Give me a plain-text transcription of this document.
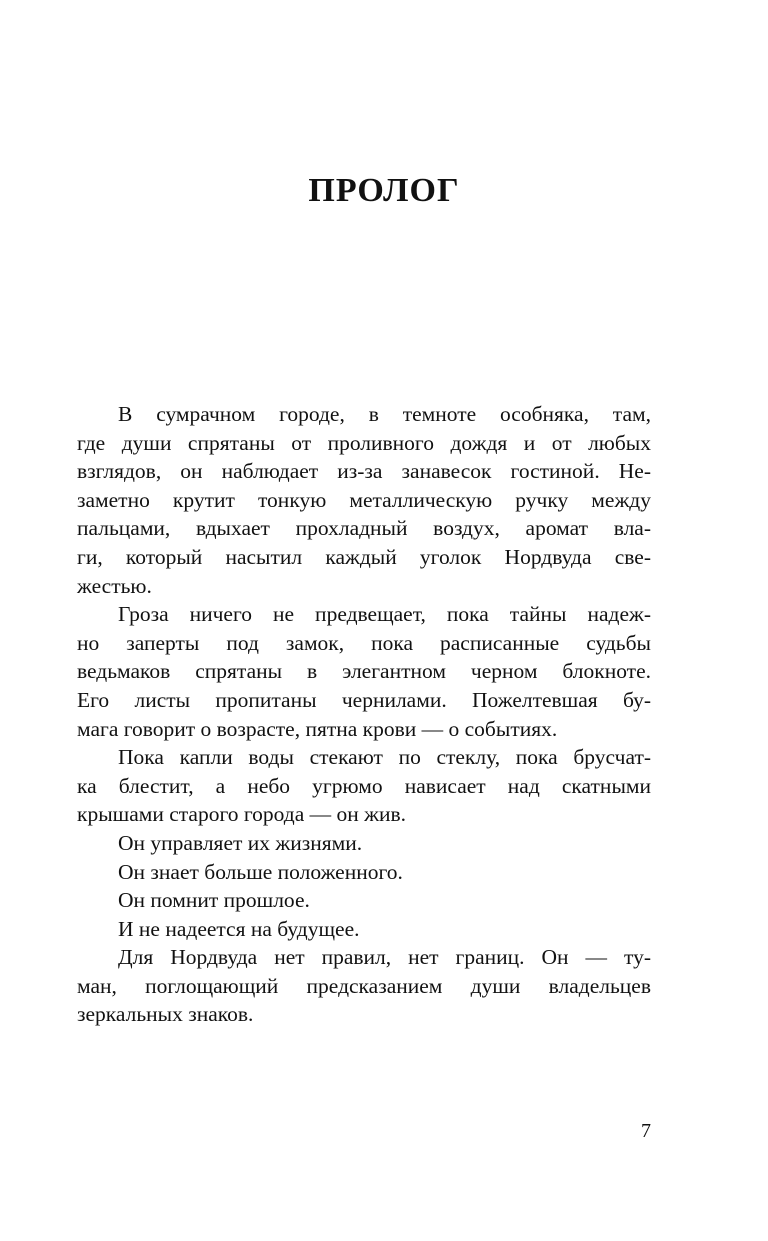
ПРОЛОГ

В сумрачном городе, в темноте особняка, там,
где души спрятаны от проливного дождя и от любых
взглядов, он наблюдает из-за занавесок гостиной. Не-
заметно крутит тонкую металлическую ручку между
пальцами, вдыхает прохладный воздух, аромат вла-
ги, который насытил каждый уголок Нордвуда све-
жестью.

Гроза ничего не предвещает, пока тайны надеж-
но заперты под замок, пока расписанные судьбы
ведьмаков спрятаны в элегантном черном блокноте.
Его листы пропитаны чернилами. Пожелтевшая бу-
мага говорит о возрасте, пятна крови — о событиях.

Пока капли воды стекают по стеклу, пока брусчат-
ка блестит, а небо угрюмо нависает над скатными
крышами старого города — он жив.

Он управляет их жизнями.

Он знает больше положенного.

Он помнит прошлое.

И не надеется на будущее.

Для Нордвуда нет правил, нет границ. Он — ту-
ман, поглощающий предсказанием души владельцев
зеркальных знаков.

7
